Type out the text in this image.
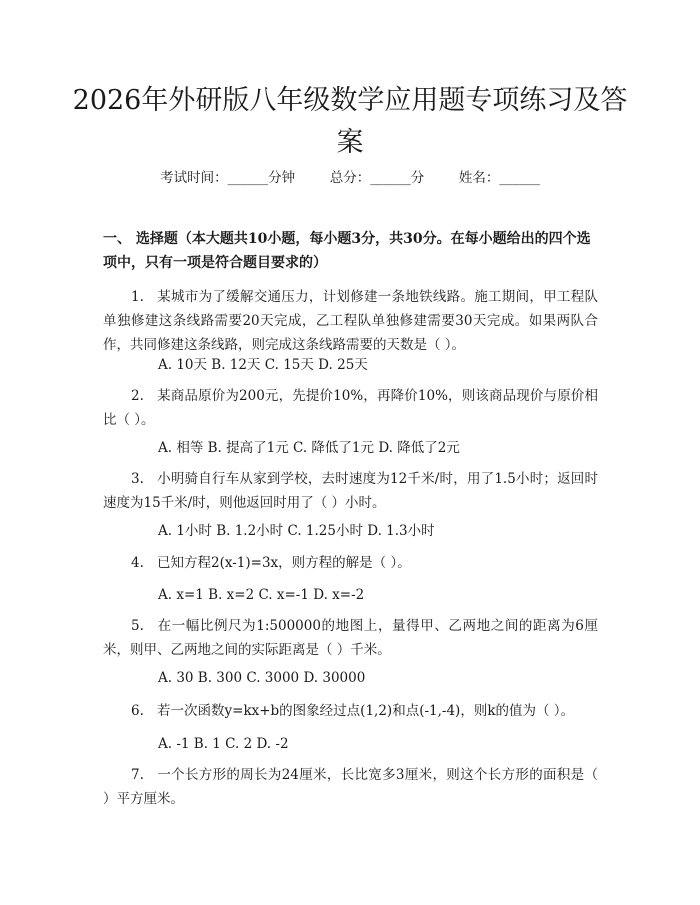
2026年外研版八年级数学应用题专项练习及答案
考试时间：______分钟	总分：______分	姓名：______

一、 选择题（本大题共10小题，每小题3分，共30分。在每小题给出的四个选项中，只有一项是符合题目要求的）

1. 某城市为了缓解交通压力，计划修建一条地铁线路。施工期间，甲工程队单独修建这条线路需要20天完成，乙工程队单独修建需要30天完成。如果两队合作，共同修建这条线路，则完成这条线路需要的天数是（ ）。

A. 10天 B. 12天 C. 15天 D. 25天

2. 某商品原价为200元，先提价10%，再降价10%，则该商品现价与原价相比（ ）。

A. 相等 B. 提高了1元 C. 降低了1元 D. 降低了2元

3. 小明骑自行车从家到学校，去时速度为12千米/时，用了1.5小时；返回时速度为15千米/时，则他返回时用了（ ）小时。

A. 1小时 B. 1.2小时 C. 1.25小时 D. 1.3小时

4. 已知方程2(x-1)=3x，则方程的解是（ ）。

A. x=1 B. x=2 C. x=-1 D. x=-2

5. 在一幅比例尺为1:500000的地图上，量得甲、乙两地之间的距离为6厘米，则甲、乙两地之间的实际距离是（ ）千米。

A. 30 B. 300 C. 3000 D. 30000

6. 若一次函数y=kx+b的图象经过点(1,2)和点(-1,-4)，则k的值为（ ）。

A. -1 B. 1 C. 2 D. -2

7. 一个长方形的周长为24厘米，长比宽多3厘米，则这个长方形的面积是（ ）平方厘米。
